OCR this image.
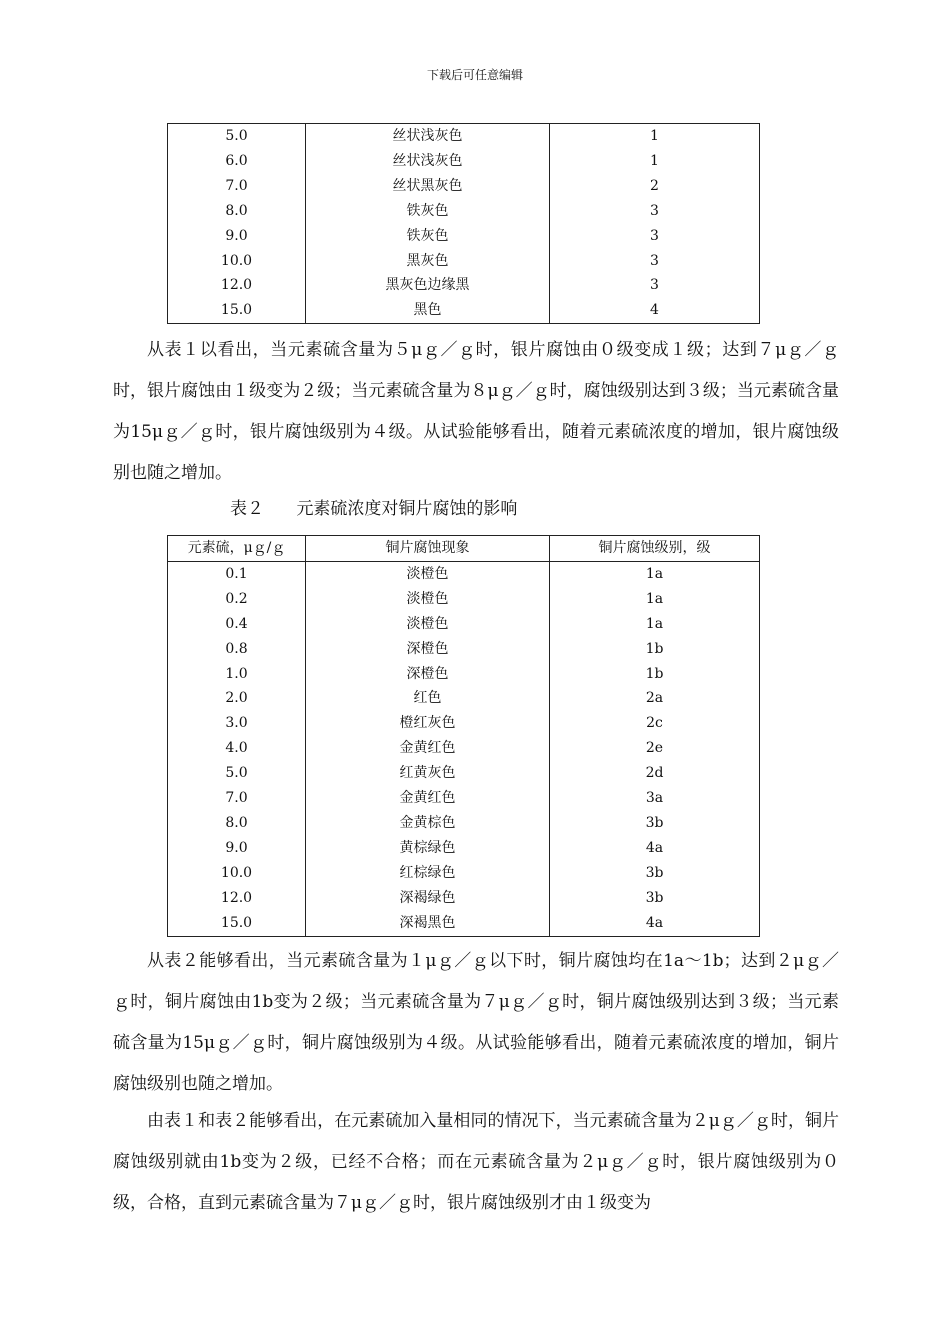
下载后可任意编辑
5.0	丝状浅灰色	1
6.0	丝状浅灰色	1
7.0	丝状黑灰色	2
8.0	铁灰色	3
9.0	铁灰色	3
10.0	黑灰色	3
12.0	黑灰色边缘黑	3
15.0	黑色	4

从表１以看出，当元素硫含量为５μｇ／ｇ时，银片腐蚀由０级变成１级；达到７μｇ／ｇ时，银片腐蚀由１级变为２级；当元素硫含量为８μｇ／ｇ时，腐蚀级别达到３级；当元素硫含量为15μｇ／ｇ时，银片腐蚀级别为４级。从试验能够看出，随着元素硫浓度的增加，银片腐蚀级别也随之增加。

表２ 元素硫浓度对铜片腐蚀的影响
元素硫，μｇ/ｇ	铜片腐蚀现象	铜片腐蚀级别，级
0.1	淡橙色	1a
0.2	淡橙色	1a
0.4	淡橙色	1a
0.8	深橙色	1b
1.0	深橙色	1b
2.0	红色	2a
3.0	橙红灰色	2c
4.0	金黄红色	2e
5.0	红黄灰色	2d
7.0	金黄红色	3a
8.0	金黄棕色	3b
9.0	黄棕绿色	4a
10.0	红棕绿色	3b
12.0	深褐绿色	3b
15.0	深褐黑色	4a

从表２能够看出，当元素硫含量为１μｇ／ｇ以下时，铜片腐蚀均在1a～1b；达到２μｇ／ｇ时，铜片腐蚀由1b变为２级；当元素硫含量为７μｇ／ｇ时，铜片腐蚀级别达到３级；当元素硫含量为15μｇ／ｇ时，铜片腐蚀级别为４级。从试验能够看出，随着元素硫浓度的增加，铜片腐蚀级别也随之增加。

由表１和表２能够看出，在元素硫加入量相同的情况下，当元素硫含量为２μｇ／ｇ时，铜片腐蚀级别就由1b变为２级，已经不合格；而在元素硫含量为２μｇ／ｇ时，银片腐蚀级别为０级，合格，直到元素硫含量为７μｇ／ｇ时，银片腐蚀级别才由１级变为
